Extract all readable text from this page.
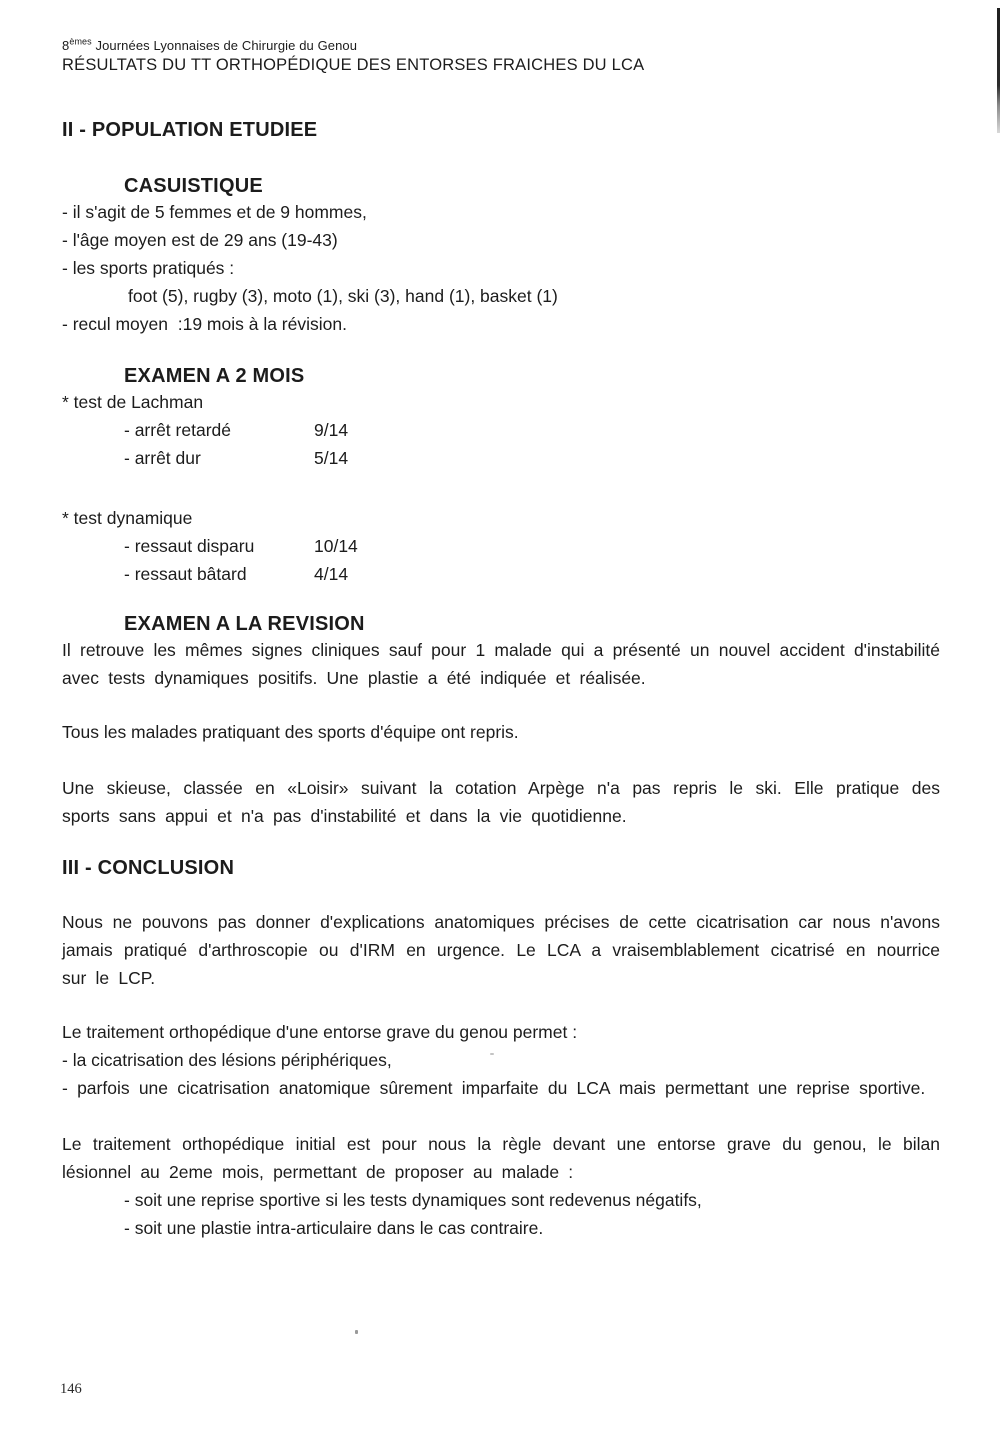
8èmes Journées Lyonnaises de Chirurgie du Genou
RÉSULTATS DU TT ORTHOPÉDIQUE DES ENTORSES FRAICHES DU LCA
II - POPULATION ETUDIEE
CASUISTIQUE
- il s'agit de 5 femmes et de 9 hommes,
- l'âge moyen est de 29 ans (19-43)
- les sports pratiqués :
foot (5), rugby (3), moto (1), ski (3), hand (1), basket (1)
- recul moyen  :19 mois à la révision.
EXAMEN A 2 MOIS
* test de Lachman
- arrêt retardé	9/14
- arrêt dur	5/14
* test dynamique
- ressaut disparu	10/14
- ressaut bâtard	4/14
EXAMEN A LA REVISION
Il retrouve les mêmes signes cliniques sauf pour 1 malade qui a présenté un nouvel accident d'instabilité avec tests dynamiques positifs. Une plastie a été indiquée et réalisée.
Tous les malades pratiquant des sports d'équipe ont repris.
Une skieuse, classée en «Loisir» suivant la cotation Arpège n'a pas repris le ski. Elle pratique des sports sans appui et n'a pas d'instabilité et dans la vie quotidienne.
III - CONCLUSION
Nous ne pouvons pas donner d'explications anatomiques précises de cette cicatrisation car nous n'avons jamais pratiqué d'arthroscopie ou d'IRM en urgence. Le LCA a vraisemblablement cicatrisé en nourrice sur le LCP.
Le traitement orthopédique d'une entorse grave du genou permet :
- la cicatrisation des lésions périphériques,
- parfois une cicatrisation anatomique sûrement imparfaite du LCA mais permettant une reprise sportive.
Le traitement orthopédique initial est pour nous la règle devant une entorse grave du genou, le bilan lésionnel au 2eme mois, permettant de proposer au malade :
- soit une reprise sportive si les tests dynamiques sont redevenus négatifs,
- soit une plastie intra-articulaire dans le cas contraire.
146
